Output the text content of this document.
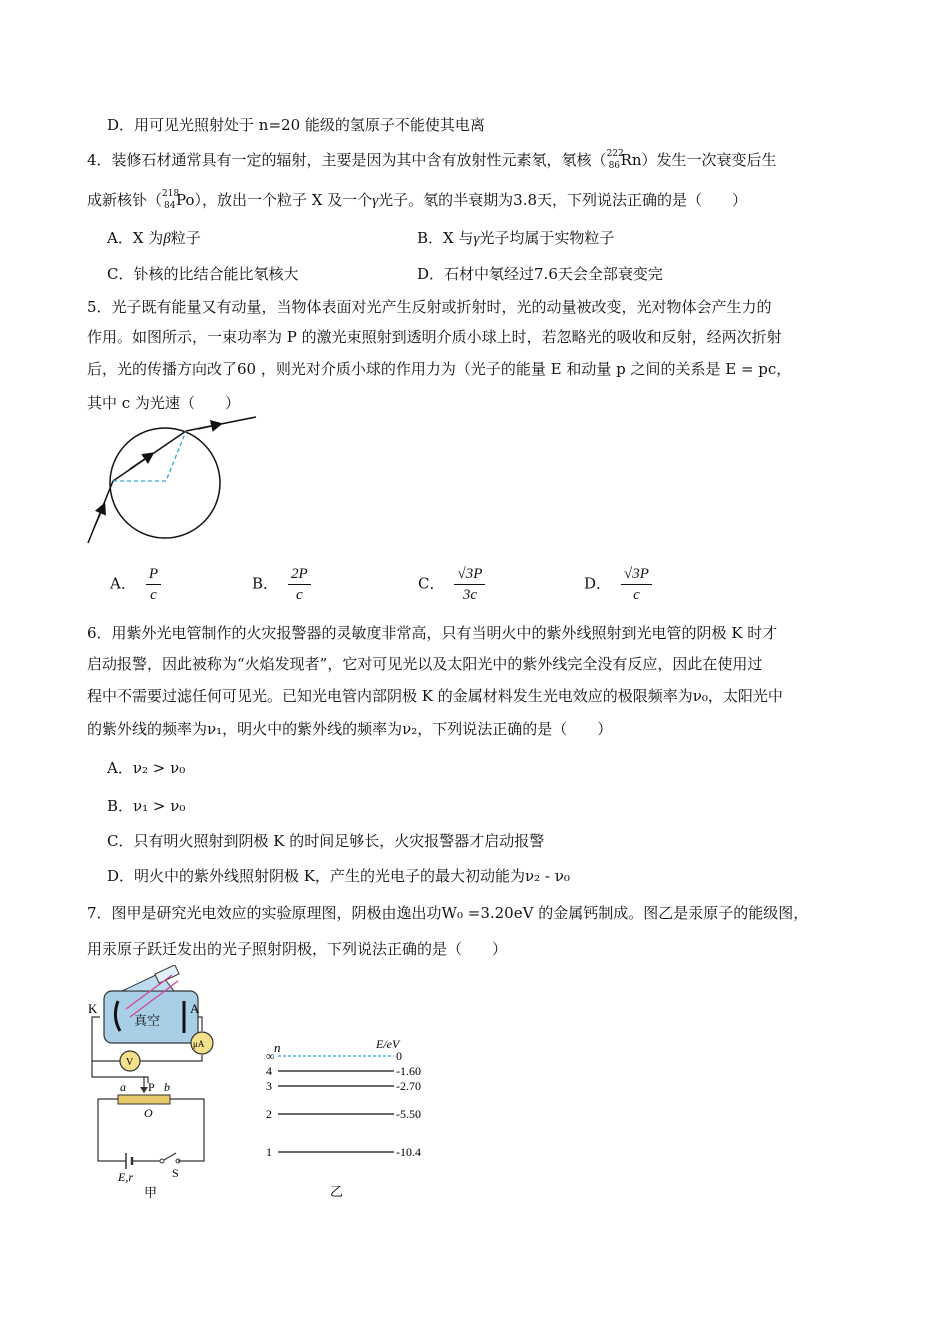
D．用可见光照射处于 n=20 能级的氢原子不能使其电离
4．装修石材通常具有一定的辐射，主要是因为其中含有放射性元素氡，氡核（ 222
86 Rn）发生一次衰变后生
成新核钋（ 218
84 Po），放出一个粒子 X 及一个γ光子。氡的半衰期为3.8天，下列说法正确的是（　　）
A．X 为β粒子	B．X 与γ光子均属于实物粒子
C．钋核的比结合能比氡核大	D．石材中氡经过7.6天会全部衰变完
5．光子既有能量又有动量，当物体表面对光产生反射或折射时，光的动量被改变，光对物体会产生力的
作用。如图所示，一束功率为 P 的激光束照射到透明介质小球上时，若忽略光的吸收和反射，经两次折射
后，光的传播方向改了60 ，则光对介质小球的作用力为（光子的能量 E 和动量 p 之间的关系是 E = pc，
其中 c 为光速（　　）
A． $\frac{P}{c}$	B． $\frac{2P}{c}$	C． $\frac{√3P}{3c}$	D． $\frac{√3P}{c}$
6．用紫外光电管制作的火灾报警器的灵敏度非常高，只有当明火中的紫外线照射到光电管的阴极 K 时才
启动报警，因此被称为“火焰发现者”，它对可见光以及太阳光中的紫外线完全没有反应，因此在使用过
程中不需要过滤任何可见光。已知光电管内部阴极 K 的金属材料发生光电效应的极限频率为ν₀，太阳光中
的紫外线的频率为ν₁，明火中的紫外线的频率为ν₂，下列说法正确的是（　　）
A．ν₂ > ν₀
B．ν₁ > ν₀
C．只有明火照射到阴极 K 的时间足够长，火灾报警器才启动报警
D．明火中的紫外线照射阴极 K，产生的光电子的最大初动能为ν₂ - ν₀
7．图甲是研究光电效应的实验原理图，阴极由逸出功W₀ =3.20eV 的金属钙制成。图乙是汞原子的能级图，
用汞原子跃迁发出的光子照射阴极，下列说法正确的是（　　）
真空
K	A
μA
V
a P b
O
E,r	S
甲
n	E/eV
∞	0
4	-1.60
3	-2.70
2	-5.50
1	-10.4
乙
